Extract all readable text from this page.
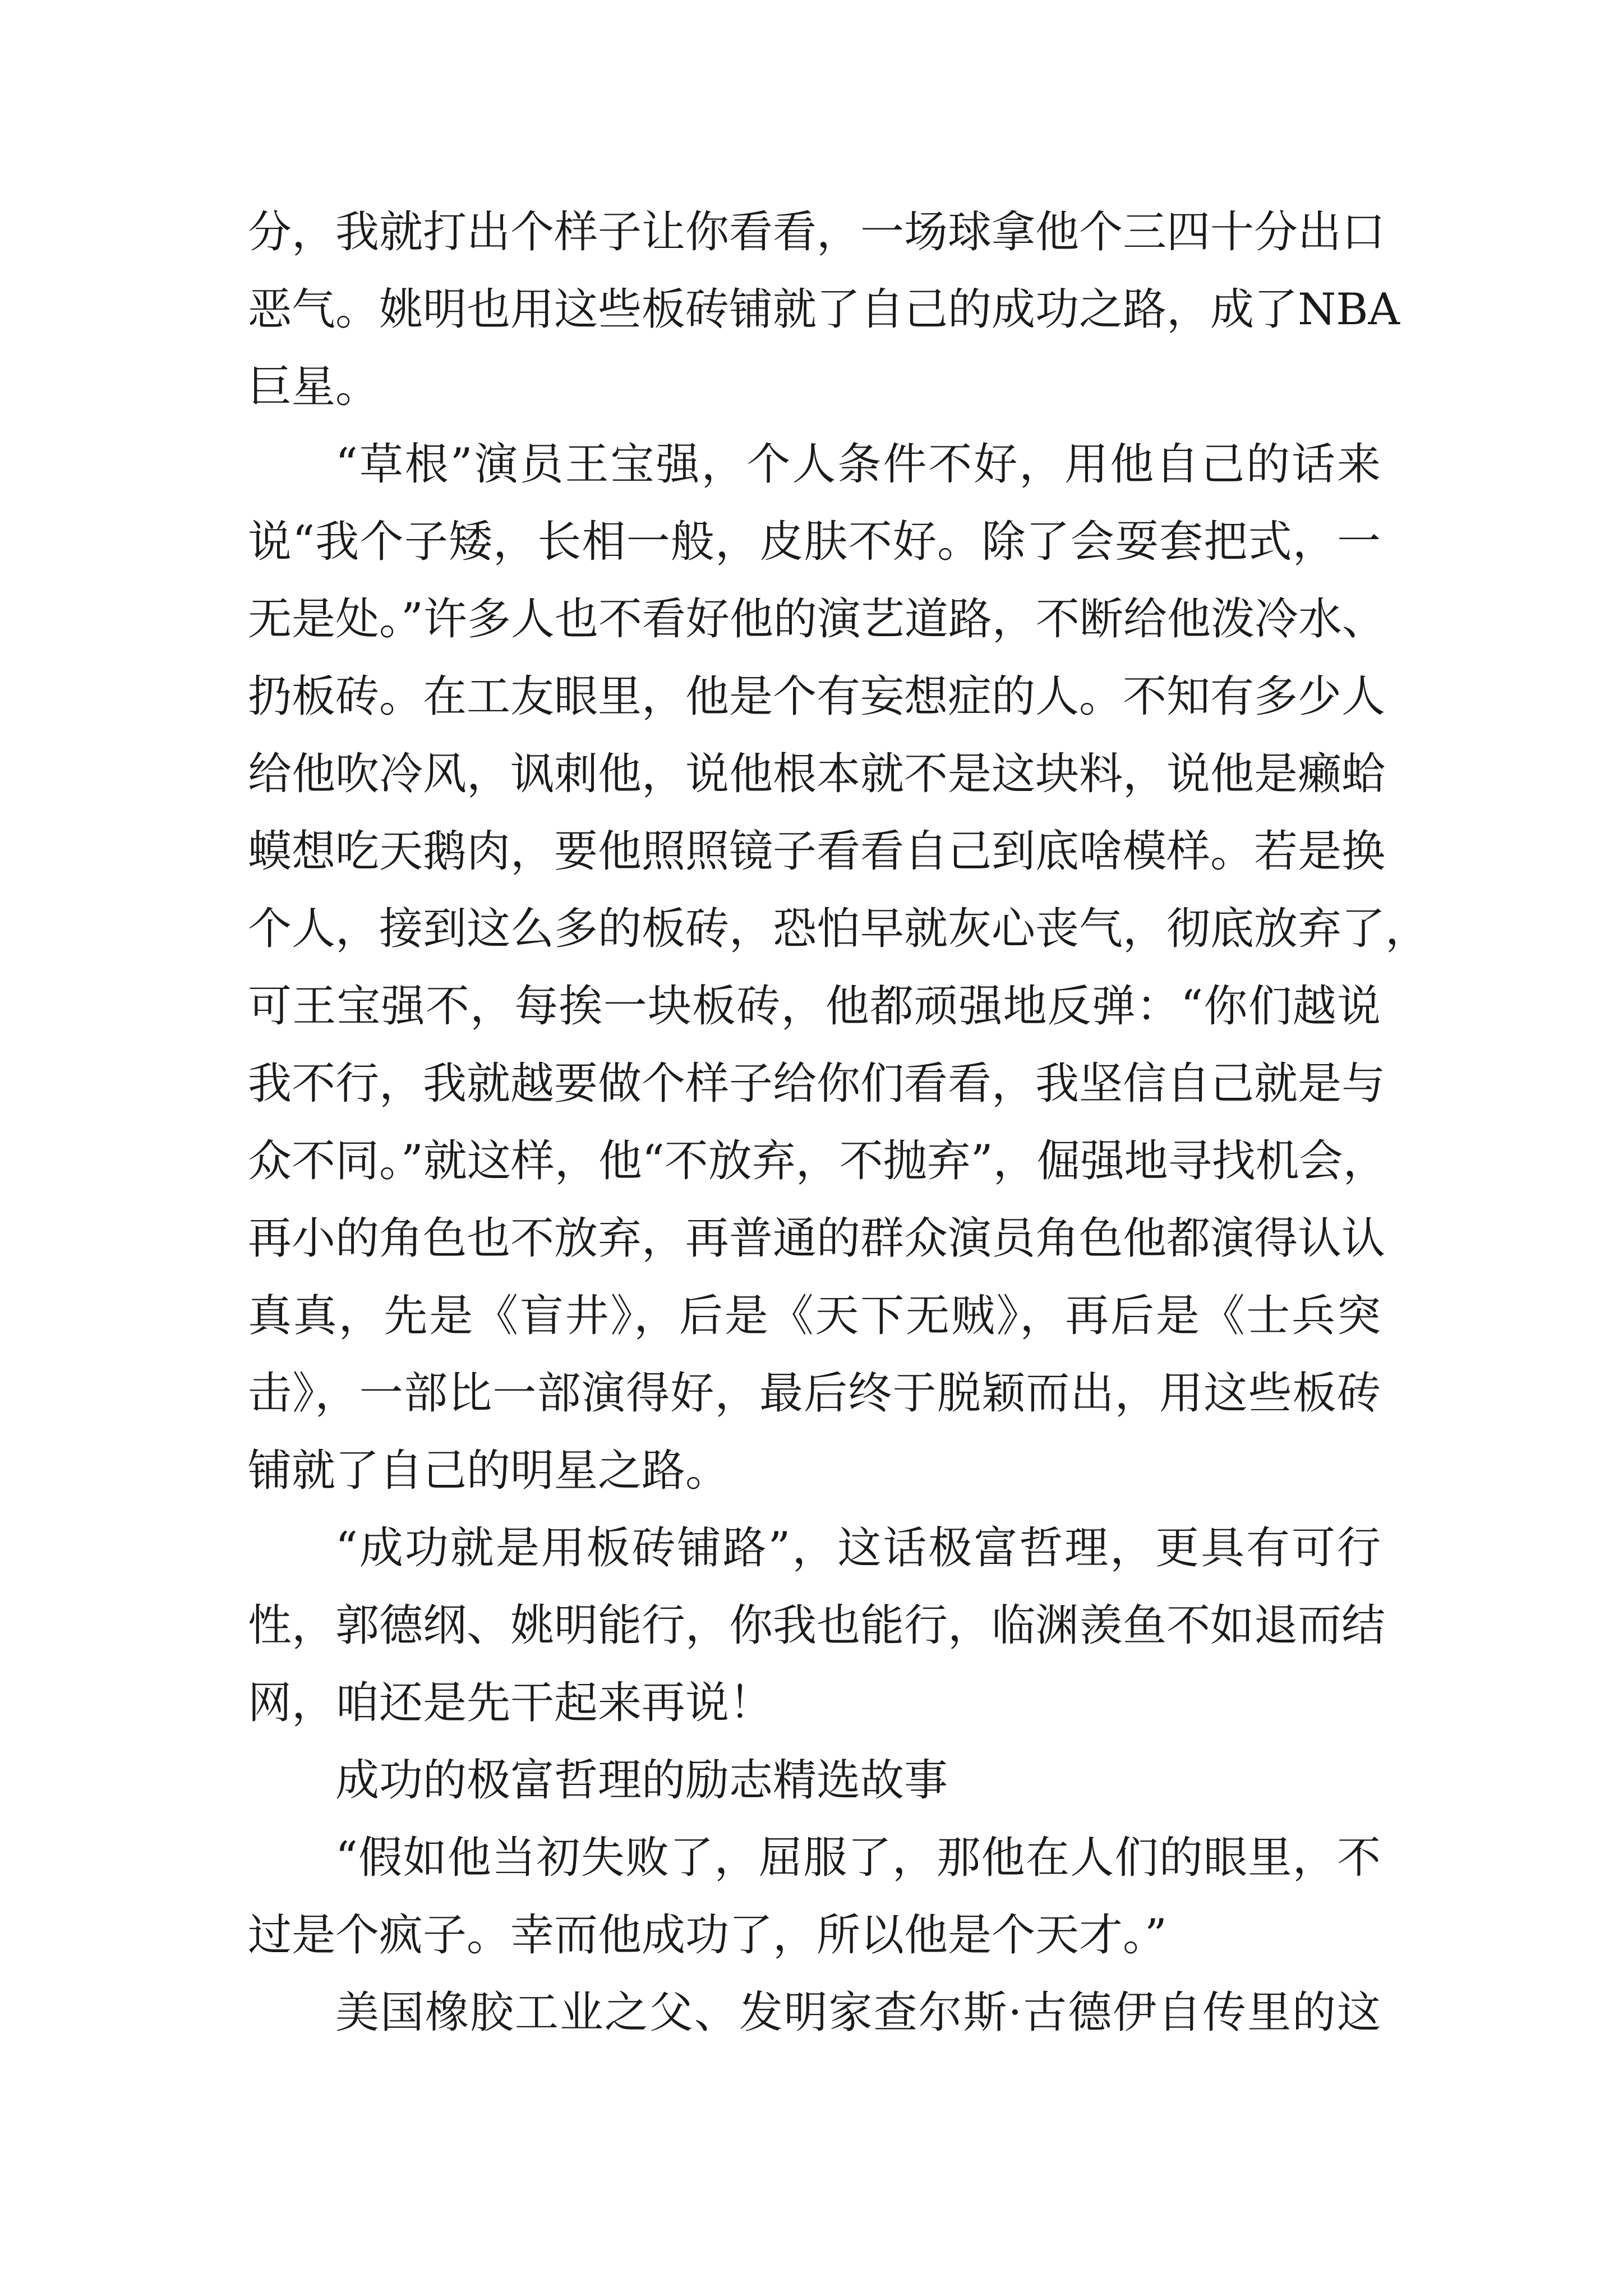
分，我就打出个样子让你看看，一场球拿他个三四十分出口
恶气。姚明也用这些板砖铺就了自己的成功之路，成了NBA
巨星。
“草根”演员王宝强，个人条件不好，用他自己的话来
说“我个子矮，长相一般，皮肤不好。除了会耍套把式，一
无是处。”许多人也不看好他的演艺道路，不断给他泼冷水、
扔板砖。在工友眼里，他是个有妄想症的人。不知有多少人
给他吹冷风，讽刺他，说他根本就不是这块料，说他是癞蛤
蟆想吃天鹅肉，要他照照镜子看看自己到底啥模样。若是换
个人，接到这么多的板砖，恐怕早就灰心丧气，彻底放弃了，
可王宝强不，每挨一块板砖，他都顽强地反弹：“你们越说
我不行，我就越要做个样子给你们看看，我坚信自己就是与
众不同。”就这样，他“不放弃，不抛弃”，倔强地寻找机会，
再小的角色也不放弃，再普通的群众演员角色他都演得认认
真真，先是《盲井》，后是《天下无贼》，再后是《士兵突
击》，一部比一部演得好，最后终于脱颖而出，用这些板砖
铺就了自己的明星之路。
“成功就是用板砖铺路”，这话极富哲理，更具有可行
性，郭德纲、姚明能行，你我也能行，临渊羡鱼不如退而结
网，咱还是先干起来再说！
成功的极富哲理的励志精选故事
“假如他当初失败了，屈服了，那他在人们的眼里，不
过是个疯子。幸而他成功了，所以他是个天才。”
美国橡胶工业之父、发明家查尔斯·古德伊自传里的这
